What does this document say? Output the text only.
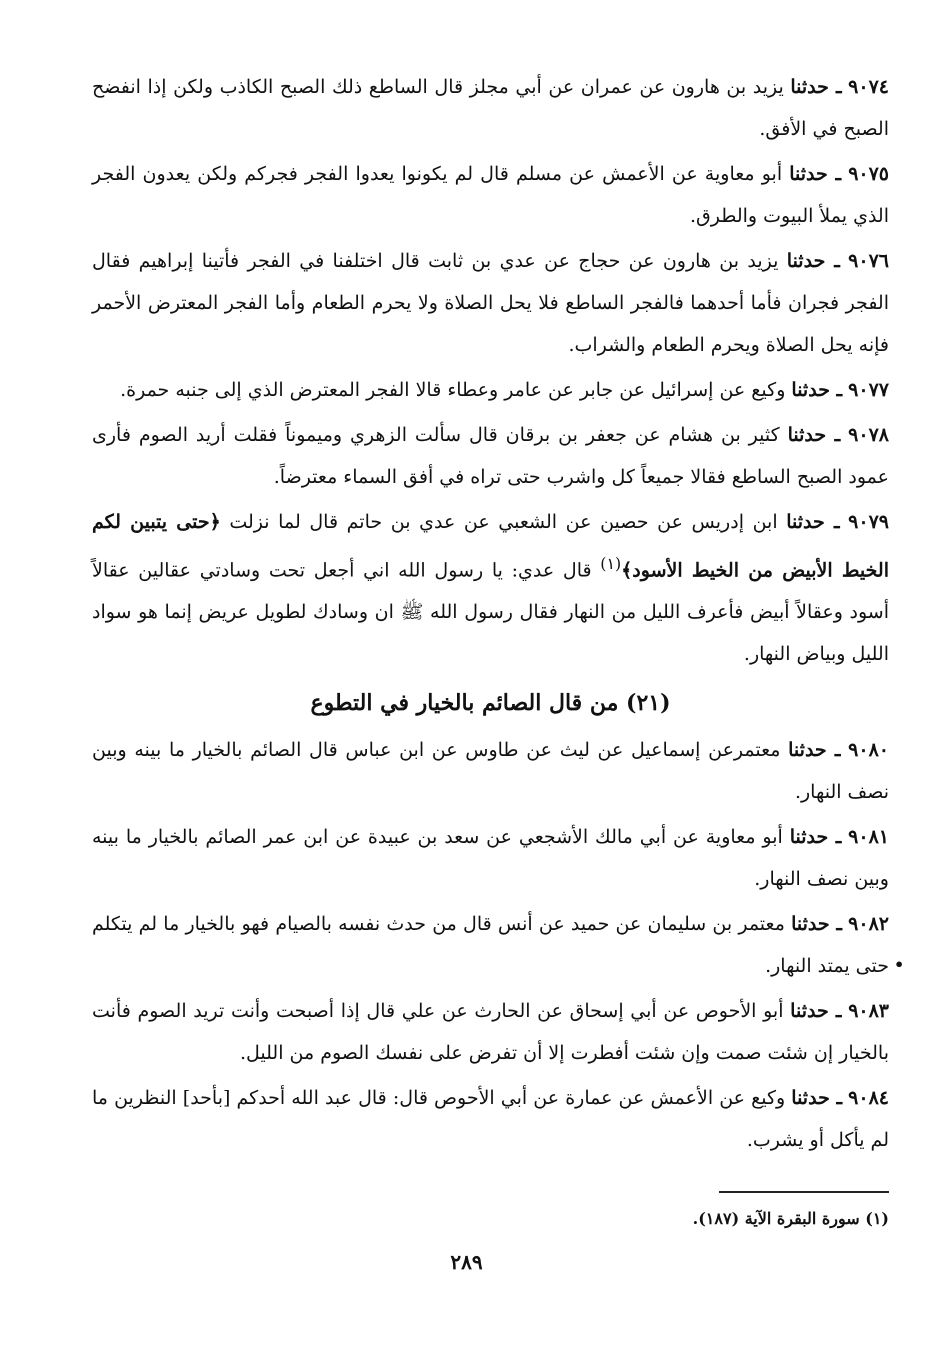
٩٠٧٤ ـ حدثنا يزيد بن هارون عن عمران عن أبي مجلز قال الساطع ذلك الصبح الكاذب ولكن إذا انفضح الصبح في الأفق.

٩٠٧٥ ـ حدثنا أبو معاوية عن الأعمش عن مسلم قال لم يكونوا يعدوا الفجر فجركم ولكن يعدون الفجر الذي يملأ البيوت والطرق.

٩٠٧٦ ـ حدثنا يزيد بن هارون عن حجاج عن عدي بن ثابت قال اختلفنا في الفجر فأتينا إبراهيم فقال الفجر فجران فأما أحدهما فالفجر الساطع فلا يحل الصلاة ولا يحرم الطعام وأما الفجر المعترض الأحمر فإنه يحل الصلاة ويحرم الطعام والشراب.

٩٠٧٧ ـ حدثنا وكيع عن إسرائيل عن جابر عن عامر وعطاء قالا الفجر المعترض الذي إلى جنبه حمرة.

٩٠٧٨ ـ حدثنا كثير بن هشام عن جعفر بن برقان قال سألت الزهري وميموناً فقلت أريد الصوم فأرى عمود الصبح الساطع فقالا جميعاً كل واشرب حتى تراه في أفق السماء معترضاً.

٩٠٧٩ ـ حدثنا ابن إدريس عن حصين عن الشعبي عن عدي بن حاتم قال لما نزلت ﴿حتى يتبين لكم الخيط الأبيض من الخيط الأسود﴾$^{(١)}$ قال عدي: يا رسول الله اني أجعل تحت وسادتي عقالين عقالاً أسود وعقالاً أبيض فأعرف الليل من النهار فقال رسول الله ﷺ ان وسادك لطويل عريض إنما هو سواد الليل وبياض النهار.

(٢١) من قال الصائم بالخيار في التطوع

٩٠٨٠ ـ حدثنا معتمرعن إسماعيل عن ليث عن طاوس عن ابن عباس قال الصائم بالخيار ما بينه وبين نصف النهار.

٩٠٨١ ـ حدثنا أبو معاوية عن أبي مالك الأشجعي عن سعد بن عبيدة عن ابن عمر الصائم بالخيار ما بينه وبين نصف النهار.

٩٠٨٢ ـ حدثنا معتمر بن سليمان عن حميد عن أنس قال من حدث نفسه بالصيام فهو بالخيار ما لم يتكلم حتى يمتد النهار.

٩٠٨٣ ـ حدثنا أبو الأحوص عن أبي إسحاق عن الحارث عن علي قال إذا أصبحت وأنت تريد الصوم فأنت بالخيار إن شئت صمت وإن شئت أفطرت إلا أن تفرض على نفسك الصوم من الليل.

٩٠٨٤ ـ حدثنا وكيع عن الأعمش عن عمارة عن أبي الأحوص قال: قال عبد الله أحدكم [بأحد] النظرين ما لم يأكل أو يشرب.

(١) سورة البقرة الآية (١٨٧).
٢٨٩
•
